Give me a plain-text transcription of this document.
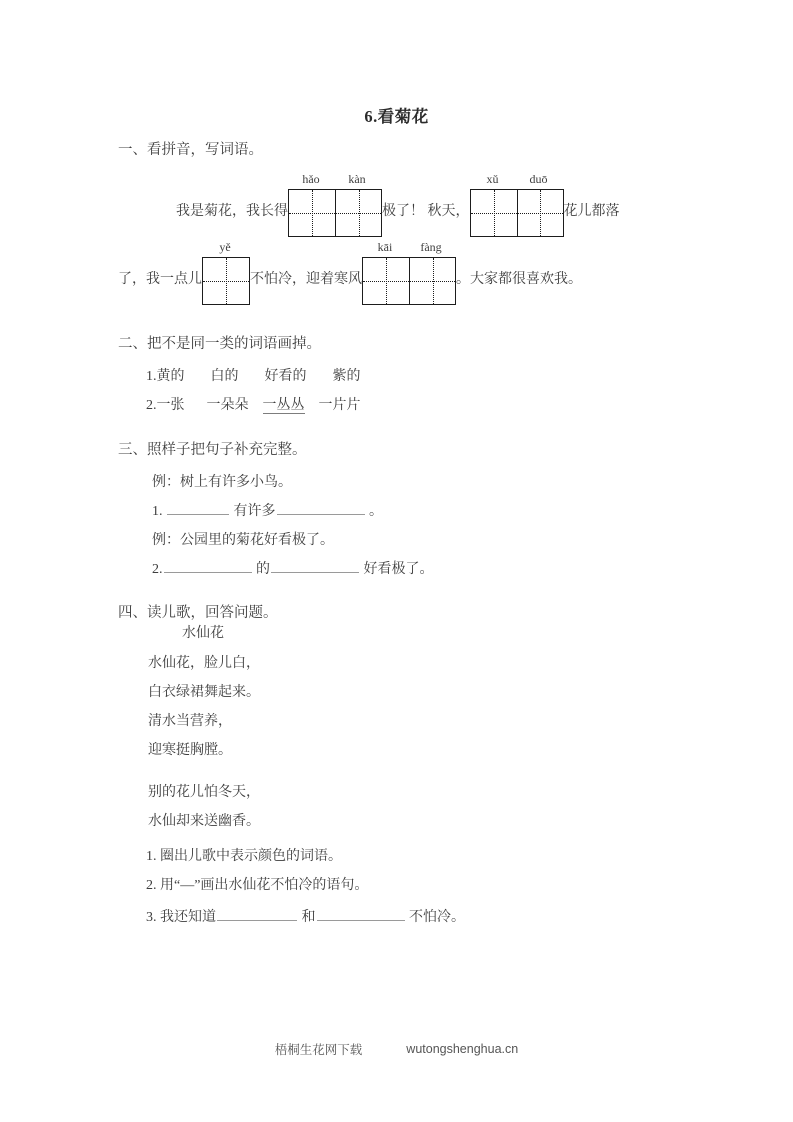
6.看菊花
一、看拼音，写词语。
我是菊花，我长得
hǎo	kàn
极了！ 秋天，
xǔ	duō
花儿都落
了，我一点儿
yě
不怕冷，迎着寒风
kāi	fàng
。大家都很喜欢我。
二、把不是同一类的词语画掉。
1.黄的 白的 好看的 紫的
2.一张 一朵朵 一丛丛 一片片
三、照样子把句子补充完整。
例：树上有许多小鸟。
1.	有许多	。
例：公园里的菊花好看极了。
2.	的	好看极了。
四、读儿歌，回答问题。
水仙花
水仙花，脸儿白，
白衣绿裙舞起来。
清水当营养，
迎寒挺胸膛。
别的花儿怕冬天，
水仙却来送幽香。
1. 圈出儿歌中表示颜色的词语。
2. 用“—”画出水仙花不怕冷的语句。
3. 我还知道	和	不怕冷。
梧桐生花网下载	wutongshenghua.cn
